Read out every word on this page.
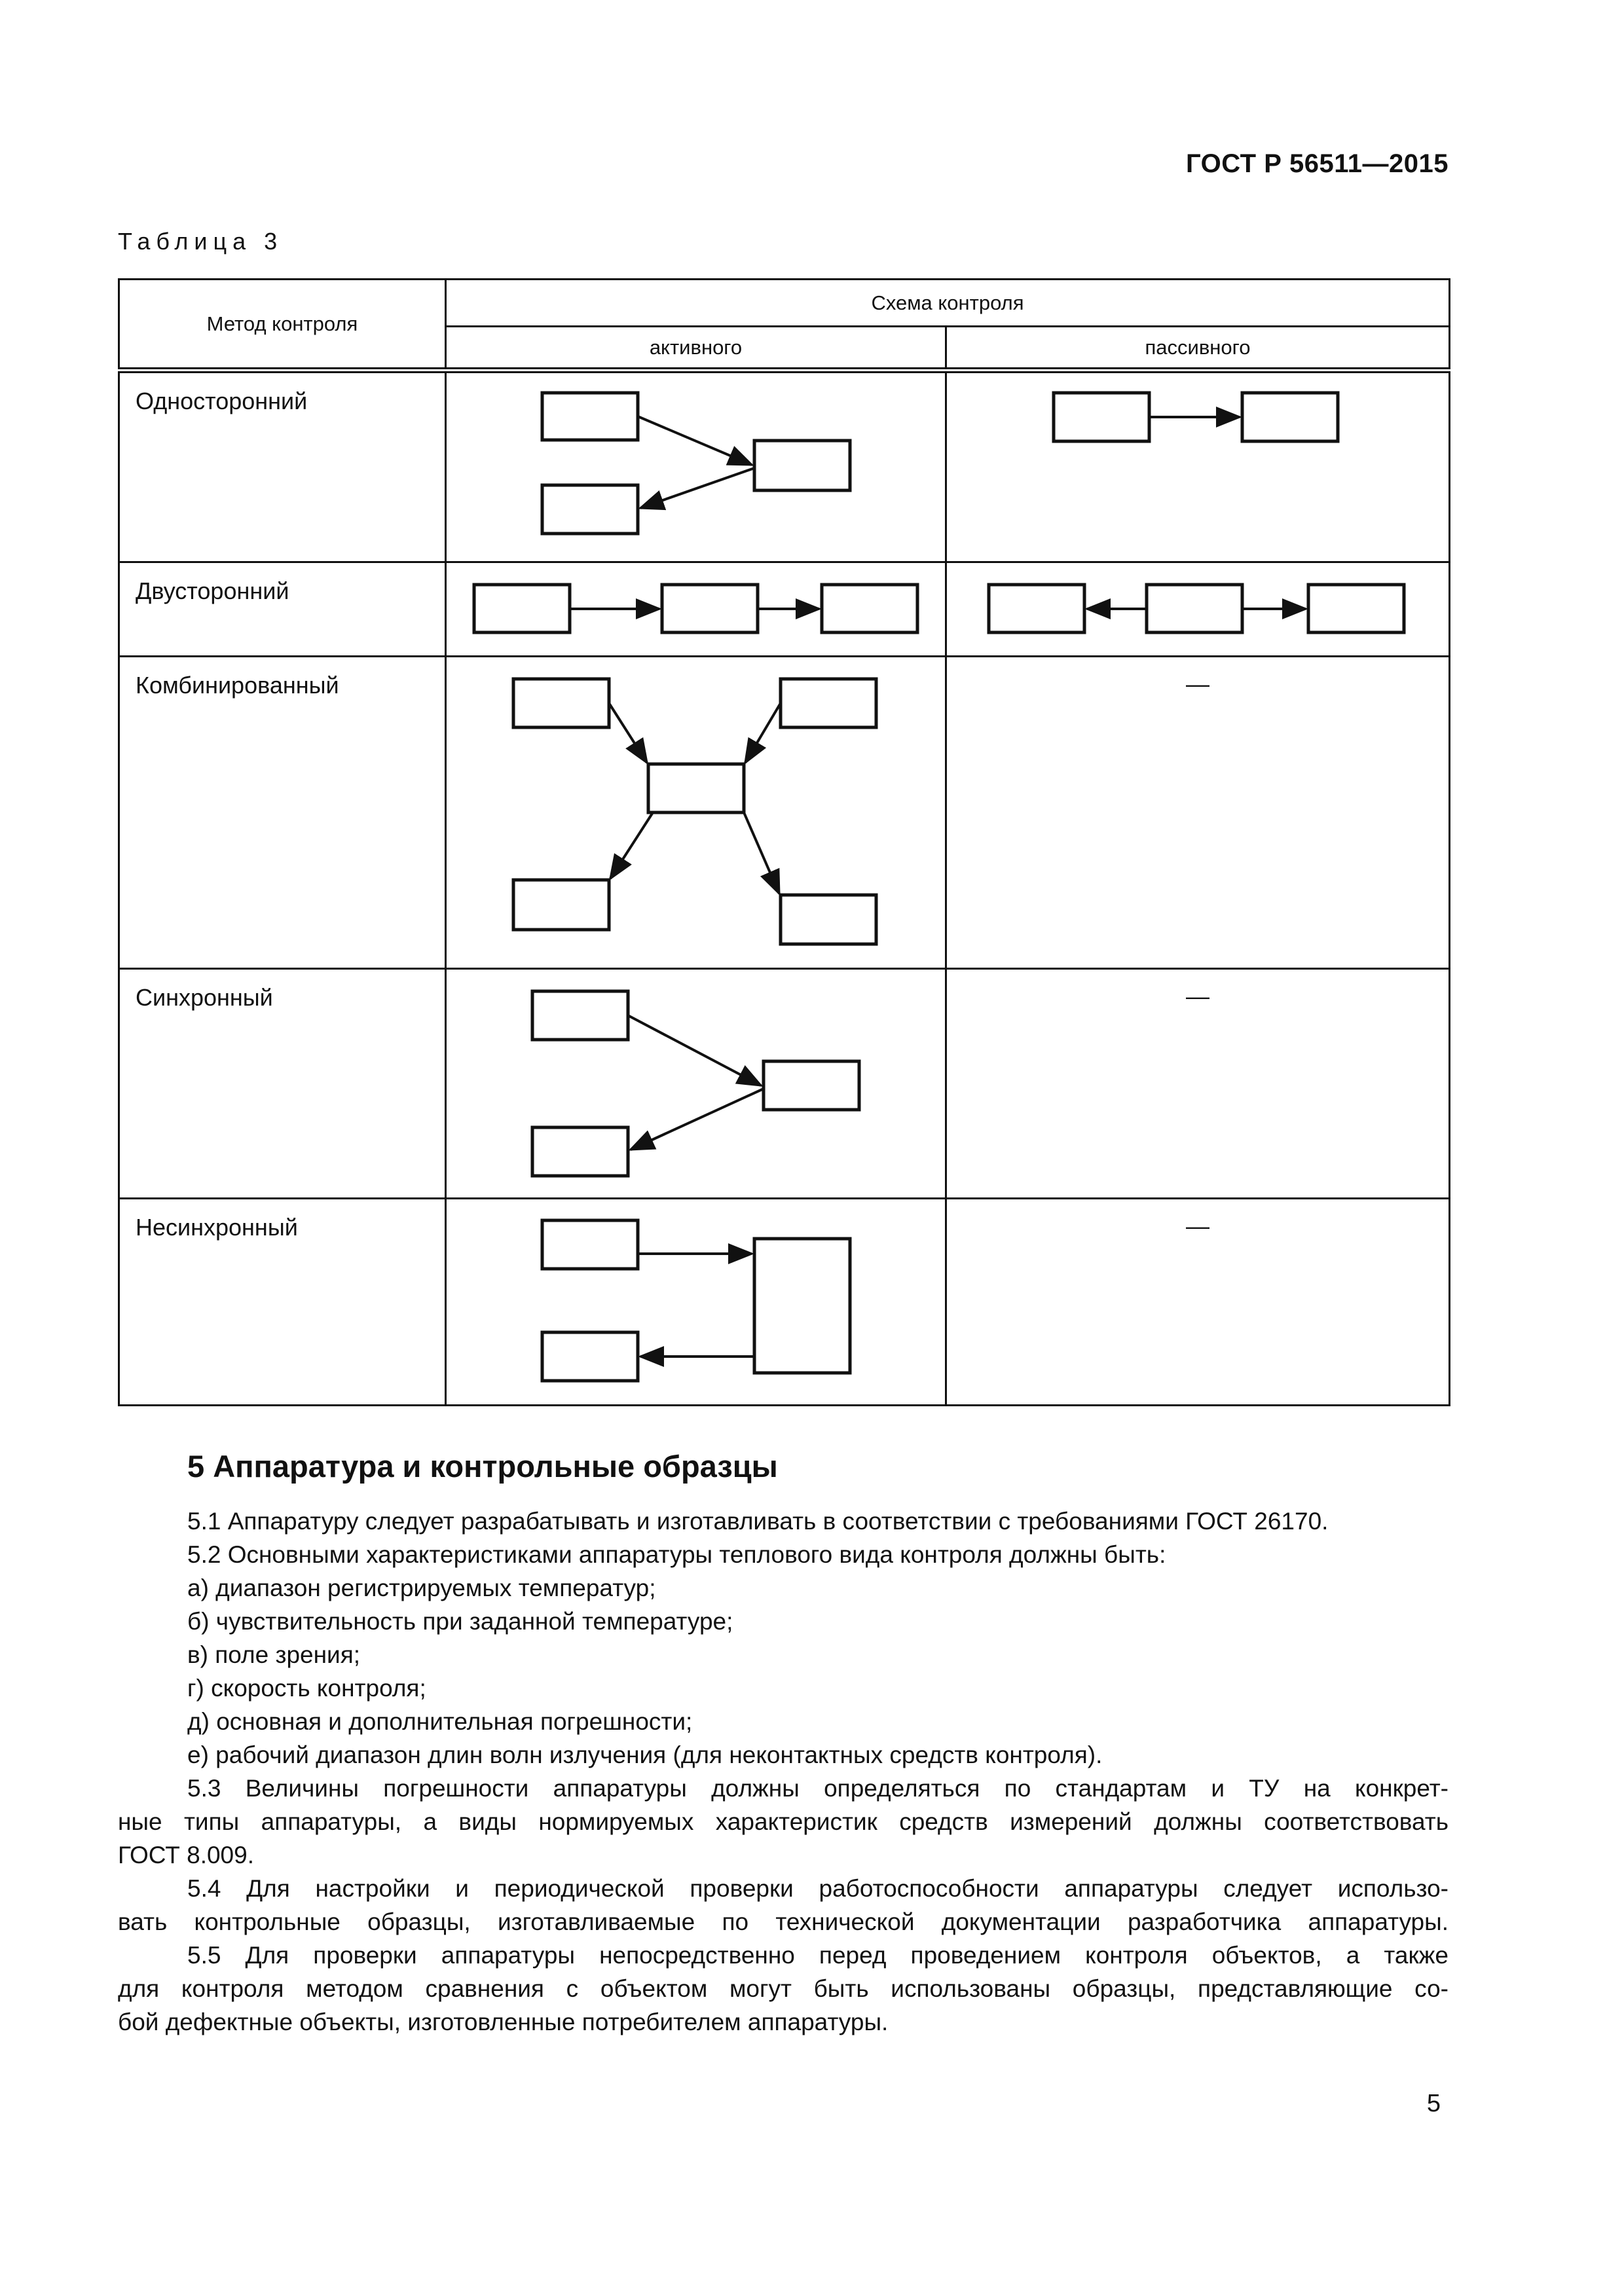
ГОСТ Р 56511—2015
Таблица 3
Метод контроля	Схема контроля	
	активного	пассивного
Односторонний	

Двусторонний	

Комбинированный		—
Синхронный		—
Несинхронный		—
5 Аппаратура и контрольные образцы

5.1 Аппаратуру следует разрабатывать и изготавливать в соответствии с требованиями ГОСТ 26170.

5.2 Основными характеристиками аппаратуры теплового вида контроля должны быть:

а) диапазон регистрируемых температур;

б) чувствительность при заданной температуре;

в) поле зрения;

г) скорость контроля;

д) основная и дополнительная погрешности;

е) рабочий диапазон длин волн излучения (для неконтактных средств контроля).

5.3 Величины погрешности аппаратуры должны определяться по стандартам и ТУ на конкрет-

ные типы аппаратуры, а виды нормируемых характеристик средств измерений должны соответствовать

ГОСТ 8.009.

5.4 Для настройки и периодической проверки работоспособности аппаратуры следует использо-

вать контрольные образцы, изготавливаемые по технической документации разработчика аппаратуры.

5.5 Для проверки аппаратуры непосредственно перед проведением контроля объектов, а также

для контроля методом сравнения с объектом могут быть использованы образцы, представляющие со-

бой дефектные объекты, изготовленные потребителем аппаратуры.

5
